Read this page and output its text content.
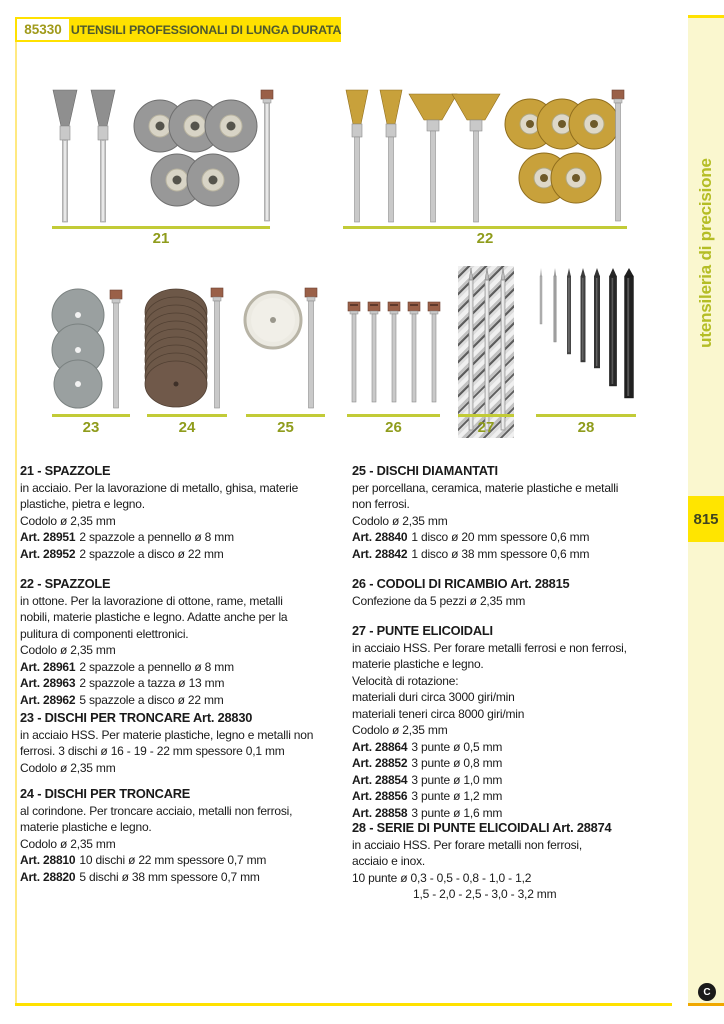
85330 UTENSILI PROFESSIONALI DI LUNGA DURATA
utensileria di precisione
815
C
21	22
23	24	25	26	27	28
21 - SPAZZOLE
in acciaio. Per la lavorazione di metallo, ghisa, materie
plastiche, pietra e legno.
Codolo ø 2,35 mm
Art. 28951 2 spazzole a pennello ø 8 mm
Art. 28952 2 spazzole a disco ø 22 mm
22 - SPAZZOLE
in ottone. Per la lavorazione di ottone, rame, metalli
nobili, materie plastiche e legno. Adatte anche per la
pulitura di componenti elettronici.
Codolo ø 2,35 mm
Art. 28961 2 spazzole a pennello ø 8 mm
Art. 28963 2 spazzole a tazza ø 13 mm
Art. 28962 5 spazzole a disco ø 22 mm
23 - DISCHI PER TRONCARE Art. 28830
in acciaio HSS. Per materie plastiche, legno e metalli non
ferrosi. 3 dischi ø 16 - 19 - 22 mm spessore 0,1 mm
Codolo ø 2,35 mm
24 - DISCHI PER TRONCARE
al corindone. Per troncare acciaio, metalli non ferrosi,
materie plastiche e legno.
Codolo ø 2,35 mm
Art. 28810 10 dischi ø 22 mm spessore 0,7 mm
Art. 28820 5 dischi ø 38 mm spessore 0,7 mm
25 - DISCHI DIAMANTATI
per porcellana, ceramica, materie plastiche e metalli
non ferrosi.
Codolo ø 2,35 mm
Art. 28840 1 disco ø 20 mm spessore 0,6 mm
Art. 28842 1 disco ø 38 mm spessore 0,6 mm
26 - CODOLI DI RICAMBIO Art. 28815
Confezione da 5 pezzi ø 2,35 mm
27 - PUNTE ELICOIDALI
in acciaio HSS. Per forare metalli ferrosi e non ferrosi,
materie plastiche e legno.
Velocità di rotazione:
materiali duri circa 3000 giri/min
materiali teneri circa 8000 giri/min
Codolo ø 2,35 mm
Art. 28864 3 punte ø 0,5 mm
Art. 28852 3 punte ø 0,8 mm
Art. 28854 3 punte ø 1,0 mm
Art. 28856 3 punte ø 1,2 mm
Art. 28858 3 punte ø 1,6 mm
28 - SERIE DI PUNTE ELICOIDALI Art. 28874
in acciaio HSS. Per forare metalli non ferrosi,
acciaio e inox.
10 punte ø 0,3 - 0,5 - 0,8 - 1,0 - 1,2
1,5 - 2,0 - 2,5 - 3,0 - 3,2 mm
